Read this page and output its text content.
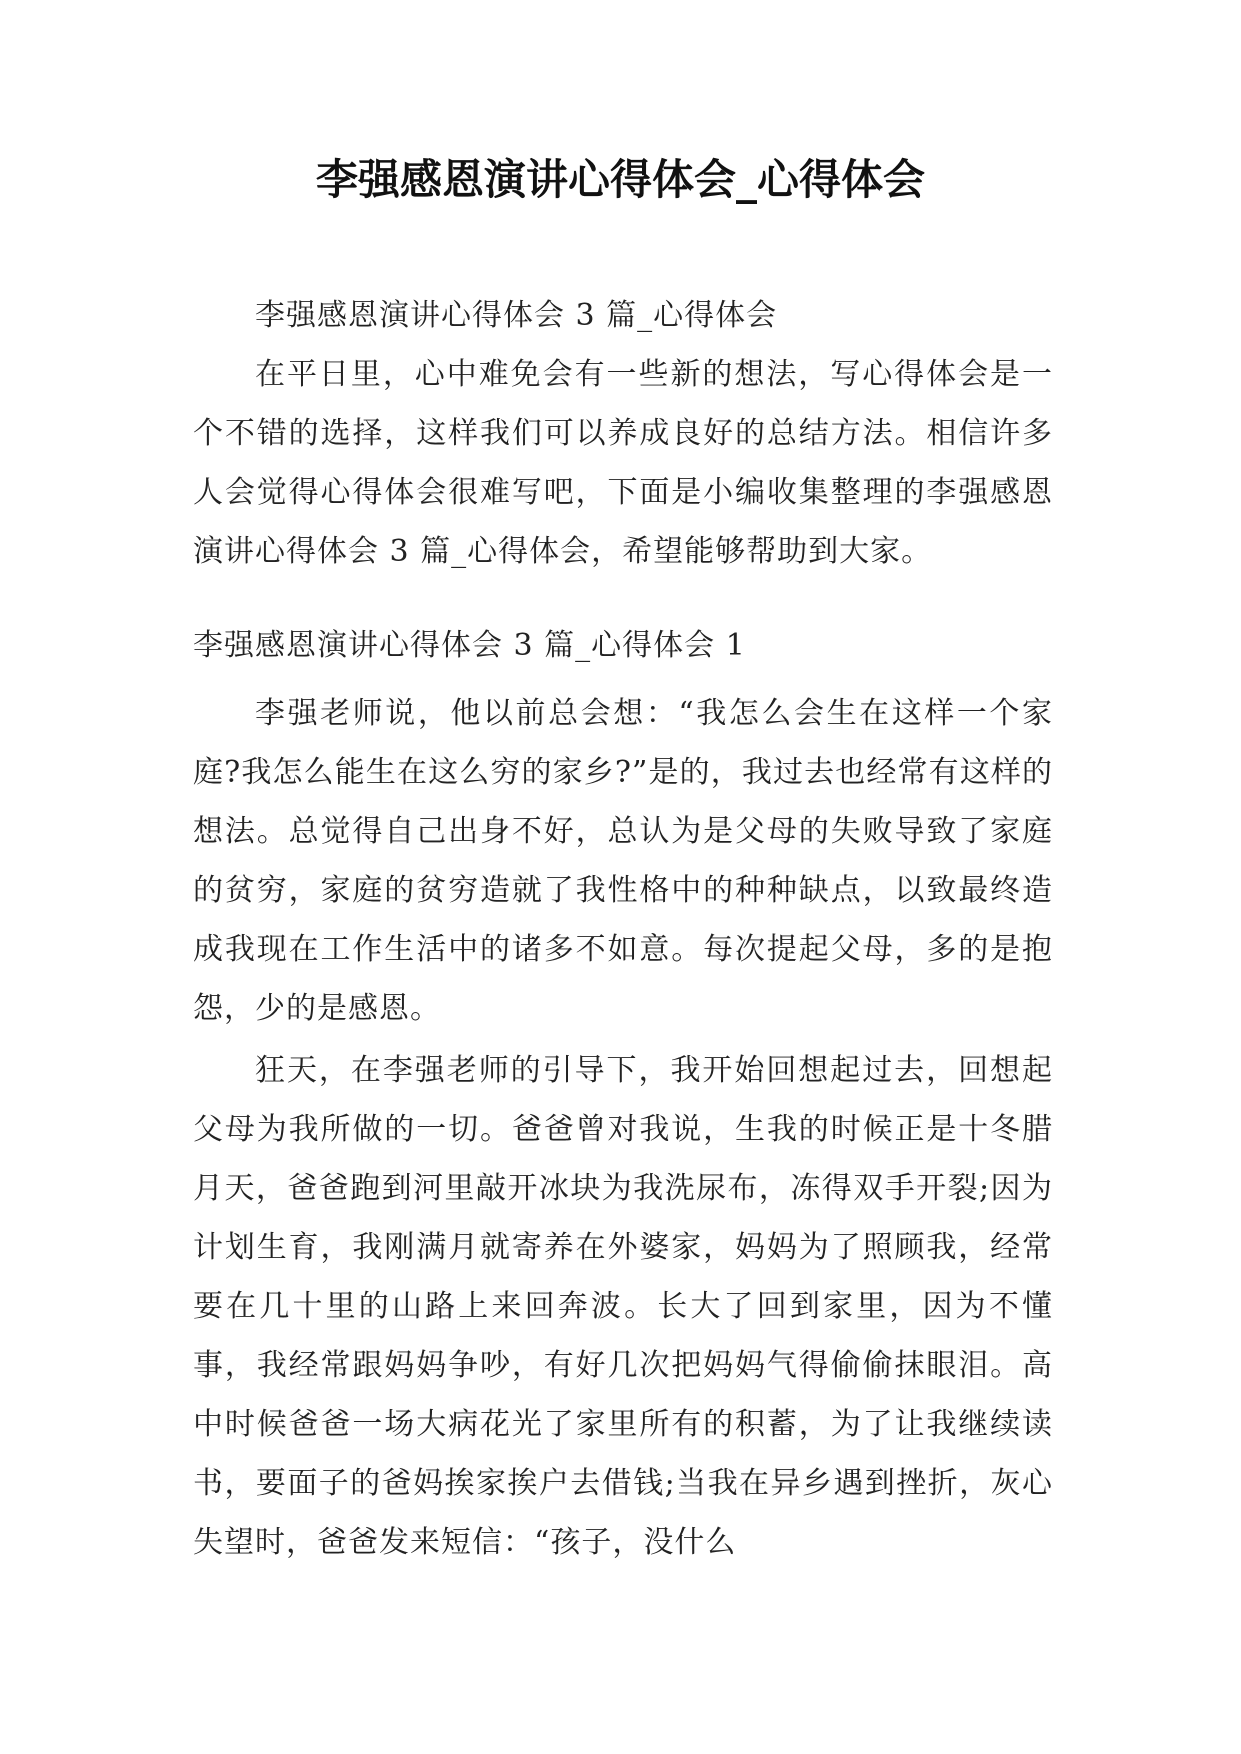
李强感恩演讲心得体会_心得体会

李强感恩演讲心得体会 3 篇_心得体会

在平日里，心中难免会有一些新的想法，写心得体会是一个不错的选择，这样我们可以养成良好的总结方法。相信许多人会觉得心得体会很难写吧，下面是小编收集整理的李强感恩演讲心得体会 3 篇_心得体会，希望能够帮助到大家。

李强感恩演讲心得体会 3 篇_心得体会 1

李强老师说，他以前总会想：“我怎么会生在这样一个家庭?我怎么能生在这么穷的家乡?”是的，我过去也经常有这样的想法。总觉得自己出身不好，总认为是父母的失败导致了家庭的贫穷，家庭的贫穷造就了我性格中的种种缺点，以致最终造成我现在工作生活中的诸多不如意。每次提起父母，多的是抱怨，少的是感恩。

狂天，在李强老师的引导下，我开始回想起过去，回想起父母为我所做的一切。爸爸曾对我说，生我的时候正是十冬腊月天，爸爸跑到河里敲开冰块为我洗尿布，冻得双手开裂;因为计划生育，我刚满月就寄养在外婆家，妈妈为了照顾我，经常要在几十里的山路上来回奔波。长大了回到家里，因为不懂事，我经常跟妈妈争吵，有好几次把妈妈气得偷偷抹眼泪。高中时候爸爸一场大病花光了家里所有的积蓄，为了让我继续读书，要面子的爸妈挨家挨户去借钱;当我在异乡遇到挫折，灰心失望时，爸爸发来短信：“孩子，没什么
